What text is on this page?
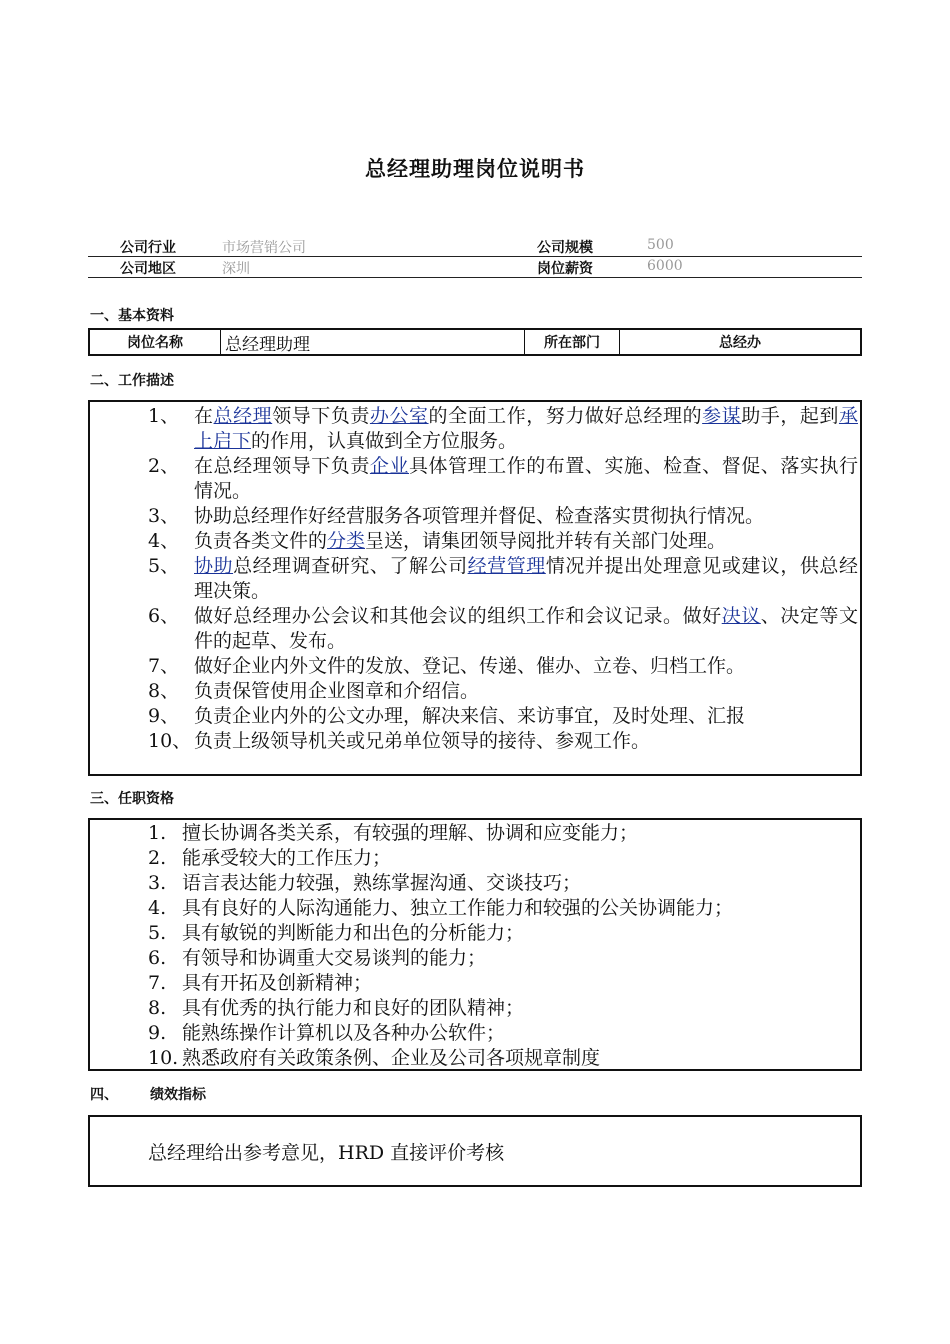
总经理助理岗位说明书
公司行业	市场营销公司	公司规模	500
公司地区	深圳	岗位薪资	6000
一、基本资料
岗位名称	总经理助理	所在部门	总经办
二、工作描述
1、 在总经理领导下负责办公室的全面工作，努力做好总经理的参谋助手，起到承上启下的作用，认真做到全方位服务。
2、 在总经理领导下负责企业具体管理工作的布置、实施、检查、督促、落实执行情况。
3、 协助总经理作好经营服务各项管理并督促、检查落实贯彻执行情况。
4、 负责各类文件的分类呈送，请集团领导阅批并转有关部门处理。
5、 协助总经理调查研究、了解公司经营管理情况并提出处理意见或建议，供总经理决策。
6、 做好总经理办公会议和其他会议的组织工作和会议记录。做好决议、决定等文件的起草、发布。
7、 做好企业内外文件的发放、登记、传递、催办、立卷、归档工作。
8、 负责保管使用企业图章和介绍信。
9、 负责企业内外的公文办理，解决来信、来访事宜，及时处理、汇报
10、 负责上级领导机关或兄弟单位领导的接待、参观工作。
三、任职资格
1. 擅长协调各类关系，有较强的理解、协调和应变能力；
2. 能承受较大的工作压力；
3. 语言表达能力较强，熟练掌握沟通、交谈技巧；
4. 具有良好的人际沟通能力、独立工作能力和较强的公关协调能力；
5. 具有敏锐的判断能力和出色的分析能力；
6. 有领导和协调重大交易谈判的能力；
7. 具有开拓及创新精神；
8. 具有优秀的执行能力和良好的团队精神；
9. 能熟练操作计算机以及各种办公软件；
10. 熟悉政府有关政策条例、企业及公司各项规章制度
四、 绩效指标
总经理给出参考意见，HRD 直接评价考核
